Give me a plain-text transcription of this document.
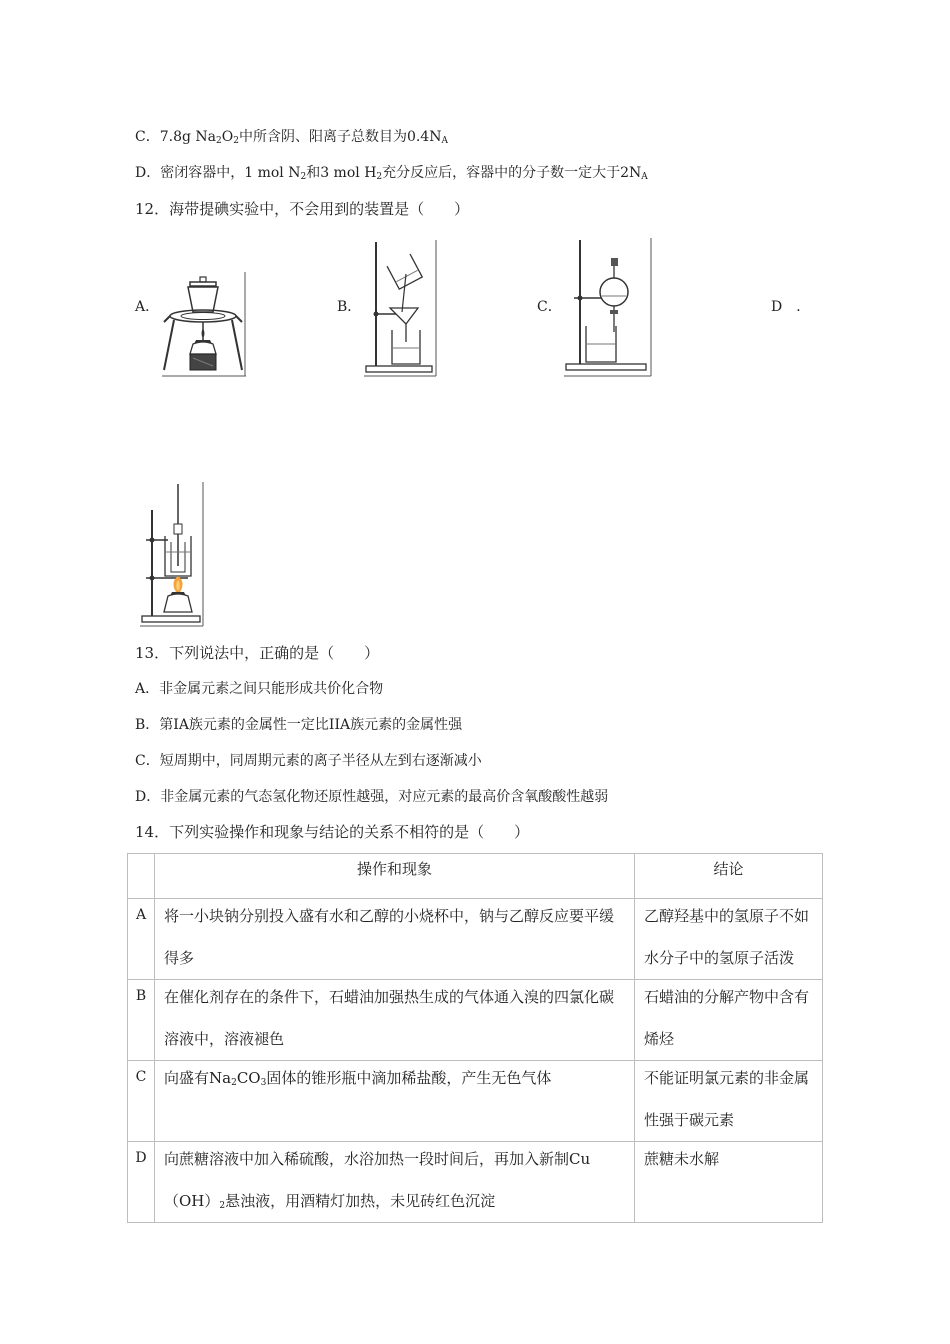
C．7.8g $Na_2O_2$中所含阴、阳离子总数目为$0.4N_A$
D．密闭容器中，1 mol $N_2$和3 mol $H_2$充分反应后，容器中的分子数一定大于$2N_A$
12．海带提碘实验中，不会用到的装置是（　　）
A．	B．	C．	D　．
13．下列说法中，正确的是（　　）
A．非金属元素之间只能形成共价化合物
B．第IA族元素的金属性一定比IIA族元素的金属性强
C．短周期中，同周期元素的离子半径从左到右逐渐减小
D．非金属元素的气态氢化物还原性越强，对应元素的最高价含氧酸酸性越弱
14．下列实验操作和现象与结论的关系不相符的是（　　）
	操作和现象	结论
A	将一小块钠分别投入盛有水和乙醇的小烧杯中，钠与乙醇反应要平缓得多	乙醇羟基中的氢原子不如水分子中的氢原子活泼

B	在催化剂存在的条件下，石蜡油加强热生成的气体通入溴的四氯化碳溶液中，溶液褪色	石蜡油的分解产物中含有烯烃

C	向盛有$Na_2CO_3$固体的锥形瓶中滴加稀盐酸，产生无色气体	不能证明氯元素的非金属性强于碳元素

D	向蔗糖溶液中加入稀硫酸，水浴加热一段时间后，再加入新制$Cu(OH)_2$悬浊液，用酒精灯加热，未见砖红色沉淀	蔗糖未水解
